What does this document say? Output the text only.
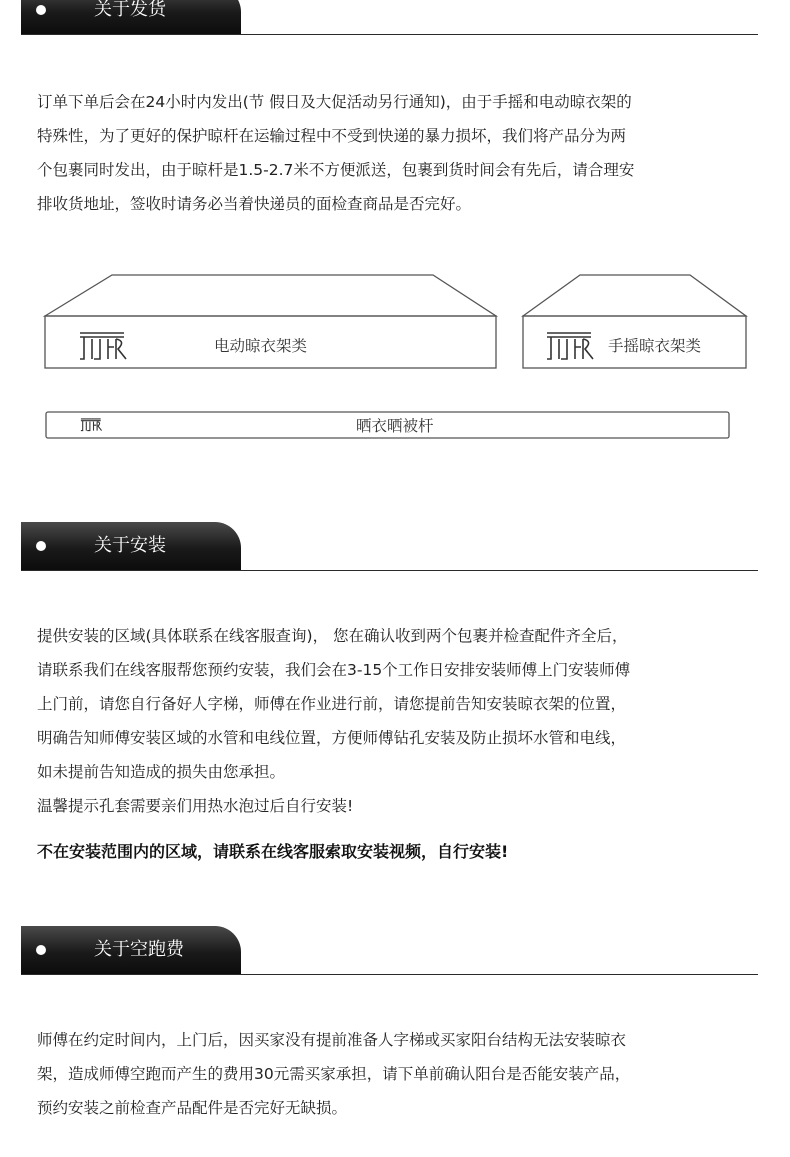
关于发货

订单下单后会在24小时内发出(节 假日及大促活动另行通知)，由于手摇和电动晾衣架的

特殊性，为了更好的保护晾杆在运输过程中不受到快递的暴力损坏，我们将产品分为两

个包裹同时发出，由于晾杆是1.5-2.7米不方便派送，包裹到货时间会有先后，请合理安

排收货地址，签收时请务必当着快递员的面检查商品是否完好。

电动晾衣架类	手摇晾衣架类
晒衣晒被杆
关于安装

提供安装的区域(具体联系在线客服查询)， 您在确认收到两个包裹并检查配件齐全后，

请联系我们在线客服帮您预约安装，我们会在3-15个工作日安排安装师傅上门安装师傅

上门前，请您自行备好人字梯，师傅在作业进行前，请您提前告知安装晾衣架的位置，

明确告知师傅安装区域的水管和电线位置，方便师傅钻孔安装及防止损坏水管和电线，

如未提前告知造成的损失由您承担。

温馨提示孔套需要亲们用热水泡过后自行安装!

不在安装范围内的区域，请联系在线客服索取安装视频，自行安装!
关于空跑费

师傅在约定时间内，上门后，因买家没有提前准备人字梯或买家阳台结构无法安装晾衣

架，造成师傅空跑而产生的费用30元需买家承担，请下单前确认阳台是否能安装产品，

预约安装之前检查产品配件是否完好无缺损。
